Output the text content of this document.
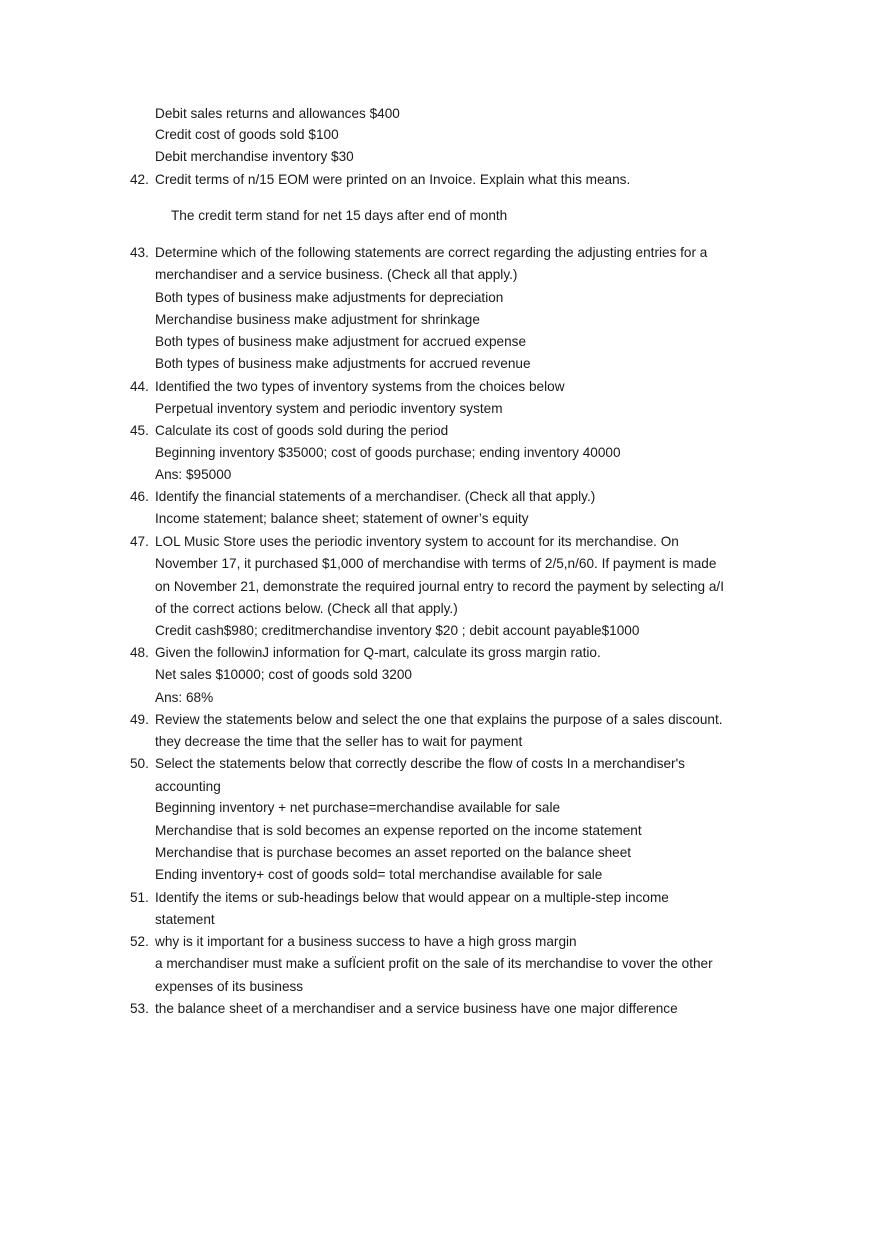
Debit sales returns and allowances $400
Credit cost of goods sold $100
Debit merchandise inventory $30
42. Credit terms of n/15 EOM were printed on an Invoice. Explain what this means.
The credit term stand for net 15 days after end of month
43. Determine which of the following statements are correct regarding the adjusting entries for a
merchandiser and a service business. (Check all that apply.)
Both types of business make adjustments for depreciation
Merchandise business make adjustment for shrinkage
Both types of business make adjustment for accrued expense
Both types of business make adjustments for accrued revenue
44. Identified the two types of inventory systems from the choices below
Perpetual inventory system and periodic inventory system
45. Calculate its cost of goods sold during the period
Beginning inventory $35000; cost of goods purchase; ending inventory 40000
Ans: $95000
46. Identify the financial statements of a merchandiser. (Check all that apply.)
Income statement; balance sheet; statement of owner’s equity
47. LOL Music Store uses the periodic inventory system to account for its merchandise. On
November 17, it purchased $1,000 of merchandise with terms of 2/5,n/60. If payment is made
on November 21, demonstrate the required journal entry to record the payment by selecting a/I
of the correct actions below. (Check all that apply.)
Credit cash$980; creditmerchandise inventory $20 ; debit account payable$1000
48. Given the followinJ information for Q-mart, calculate its gross margin ratio.
Net sales $10000; cost of goods sold 3200
Ans: 68%
49. Review the statements below and select the one that explains the purpose of a sales discount.
they decrease the time that the seller has to wait for payment
50. Select the statements below that correctly describe the flow of costs In a merchandiser's
accounting
Beginning inventory + net purchase=merchandise available for sale
Merchandise that is sold becomes an expense reported on the income statement
Merchandise that is purchase becomes an asset reported on the balance sheet
Ending inventory+ cost of goods sold= total merchandise available for sale
51. Identify the items or sub-headings below that would appear on a multiple-step income
statement
52. why is it important for a business success to have a high gross margin
a merchandiser must make a sufÏcient profit on the sale of its merchandise to vover the other
expenses of its business
53. the balance sheet of a merchandiser and a service business have one major difference
